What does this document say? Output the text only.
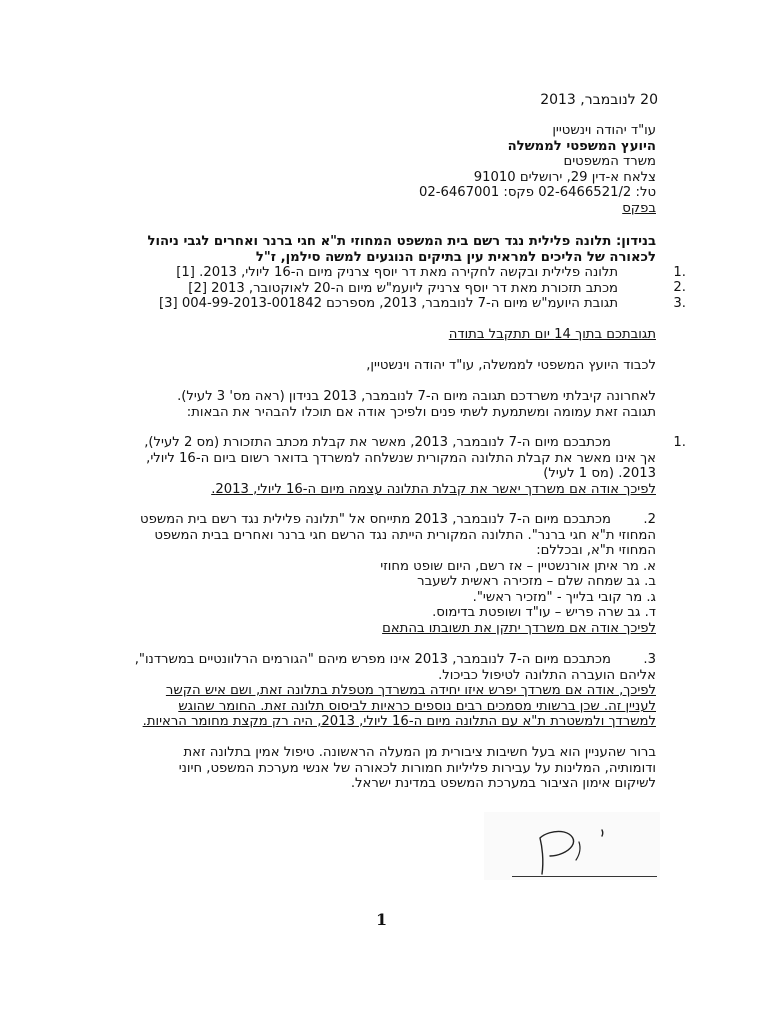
20 לנובמבר, 2013
עו"ד יהודה וינשטיין
היועץ המשפטי לממשלה
משרד המשפטים
צלאח א-דין 29, ירושלים 91010
טל: 02-6466521/2 פקס: 02-6467001
בפקס
בנידון: תלונה פלילית נגד רשם בית המשפט המחוזי ת"א חגי ברנר ואחרים לגבי ניהול
לכאורה של הליכים למראית עין בתיקים הנוגעים למשה סילמן, ז"ל
תלונה פלילית ובקשה לחקירה מאת דר יוסף צרניק מיום ה-16 ליולי, 2013. [1]
מכתב תזכורת מאת דר יוסף צרניק ליועמ"ש מיום ה-20 לאוקטובר, 2013 [2]
תגובת היועמ"ש מיום ה-7 לנובמבר, 2013, מספרכם 004-99-2013-001842 [3]
1.
2.
3.
תגובתכם בתוך 14 יום תתקבל בתודה
לכבוד היועץ המשפטי לממשלה, עו"ד יהודה וינשטיין,
לאחרונה קיבלתי משרדכם תגובה מיום ה-7 לנובמבר, 2013 בנידון (ראה מס' 3 לעיל).
תגובה זאת עמומה ומשתמעת לשתי פנים ולפיכך אודה אם תוכלו להבהיר את הבאות:
1.
מכתבכם מיום ה-7 לנובמבר, 2013, מאשר את קבלת מכתב התזכורת (מס 2 לעיל),
אך אינו מאשר את קבלת התלונה המקורית שנשלחה למשרדך בדואר רשום ביום ה-16 ליולי,
2013. (מס 1 לעיל)
לפיכך אודה אם משרדך יאשר את קבלת התלונה עצמה מיום ה-16 ליולי, 2013.
מכתבכם מיום ה-7 לנובמבר, 2013 מתייחס אל "תלונה פלילית נגד רשם בית המשפט 2.
המחוזי ת"א חגי ברנר". התלונה המקורית הייתה נגד הרשם חגי ברנר ואחרים בבית המשפט
המחוזי ת"א, ובכללם:
א. מר איתן אורנשטיין – אז רשם, היום שופט מחוזי
ב. גב שמחה שלם – מזכירה ראשית לשעבר
ג. מר קובי בלייך - "מזכיר ראשי".
ד. גב שרה פריש – עו"ד ושופטת בדימוס.
לפיכך אודה אם משרדך יתקן את תשובתו בהתאם
מכתבכם מיום ה-7 לנובמבר, 2013 אינו מפרש מיהם "הגורמים הרלוונטיים במשרדנו", 3.
אליהם הועברה התלונה לטיפול כביכול.
לפיכך, אודה אם משרדך יפרש איזו יחידה במשרדך מטפלת בתלונה זאת, ושם איש הקשר
לעניין זה. שכן ברשותי מסמכים רבים נוספים כראיות לביסוס תלונה זאת. החומר שהוגש
למשרדך ולמשטרת ת"א עם התלונה מיום ה-16 ליולי, 2013, היה רק מקצת מחומר הראיות.
ברור שהעניין הוא בעל חשיבות ציבורית מן המעלה הראשונה. טיפול אמין בתלונה זאת
ודומותיה, המלינות על עבירות פליליות חמורות לכאורה של אנשי מערכת המשפט, חיוני
לשיקום אימון הציבור במערכת המשפט במדינת ישראל.
1
